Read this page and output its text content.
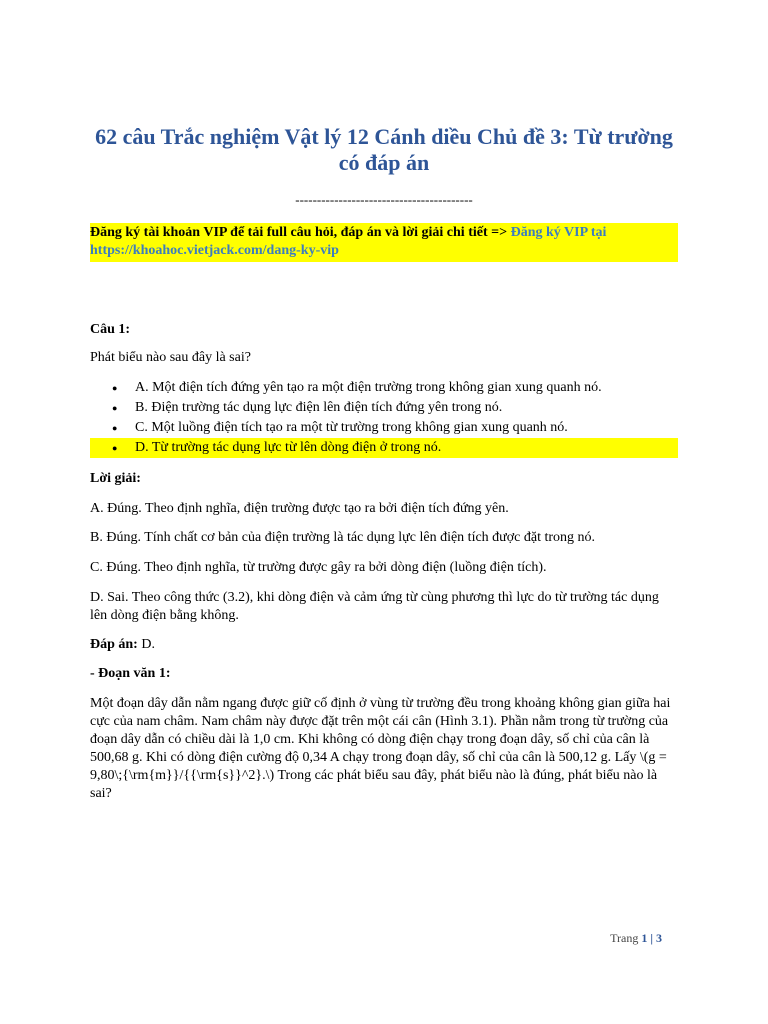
62 câu Trắc nghiệm Vật lý 12 Cánh diều Chủ đề 3: Từ trường có đáp án
-----------------------------------------
Đăng ký tài khoản VIP để tải full câu hỏi, đáp án và lời giải chi tiết => Đăng ký VIP tại https://khoahoc.vietjack.com/dang-ky-vip
Câu 1:
Phát biểu nào sau đây là sai?
● A. Một điện tích đứng yên tạo ra một điện trường trong không gian xung quanh nó.
● B. Điện trường tác dụng lực điện lên điện tích đứng yên trong nó.
● C. Một luồng điện tích tạo ra một từ trường trong không gian xung quanh nó.
● D. Từ trường tác dụng lực từ lên dòng điện ở trong nó.
Lời giải:
A. Đúng. Theo định nghĩa, điện trường được tạo ra bởi điện tích đứng yên.
B. Đúng. Tính chất cơ bản của điện trường là tác dụng lực lên điện tích được đặt trong nó.
C. Đúng. Theo định nghĩa, từ trường được gây ra bởi dòng điện (luồng điện tích).
D. Sai. Theo công thức (3.2), khi dòng điện và cảm ứng từ cùng phương thì lực do từ trường tác dụng lên dòng điện bằng không.
Đáp án: D.
- Đoạn văn 1:
Một đoạn dây dẫn nằm ngang được giữ cố định ở vùng từ trường đều trong khoảng không gian giữa hai cực của nam châm. Nam châm này được đặt trên một cái cân (Hình 3.1). Phần nằm trong từ trường của đoạn dây dẫn có chiều dài là 1,0 cm. Khi không có dòng điện chạy trong đoạn dây, số chỉ của cân là 500,68 g. Khi có dòng điện cường độ 0,34 A chạy trong đoạn dây, số chỉ của cân là 500,12 g. Lấy \(g = 9,80\;{\rm{m}}/{{\rm{s}}^2}.\) Trong các phát biểu sau đây, phát biểu nào là đúng, phát biểu nào là sai?
Trang 1 | 3
